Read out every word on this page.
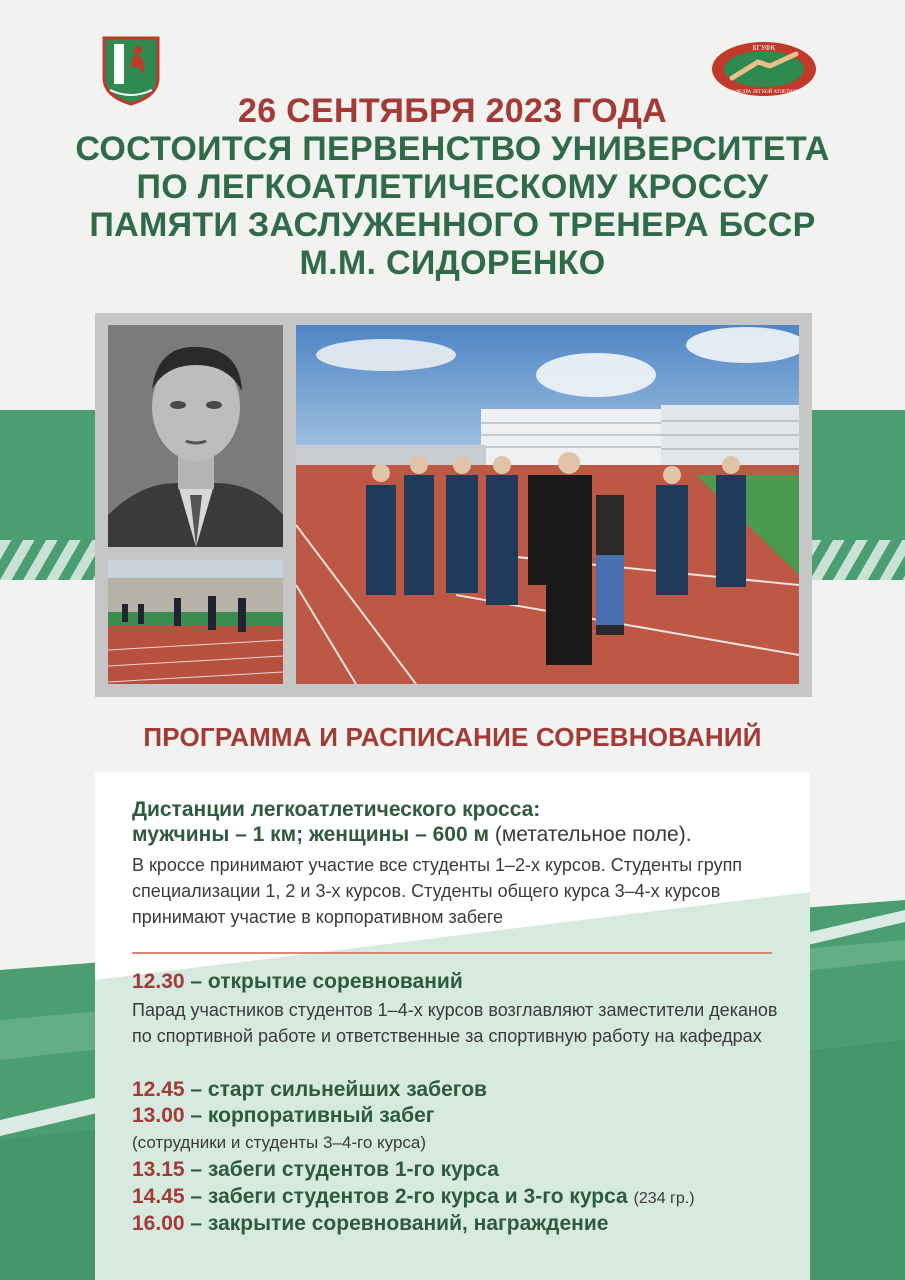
БГУФК
КАФЕДРА ЛЕГКОЙ АТЛЕТИКИ
26 СЕНТЯБРЯ 2023 ГОДА
СОСТОИТСЯ ПЕРВЕНСТВО УНИВЕРСИТЕТА
ПО ЛЕГКОАТЛЕТИЧЕСКОМУ КРОССУ
ПАМЯТИ ЗАСЛУЖЕННОГО ТРЕНЕРА БССР
М.М. СИДОРЕНКО
ПРОГРАММА И РАСПИСАНИЕ СОРЕВНОВАНИЙ
Дистанции легкоатлетического кросса:
мужчины – 1 км; женщины – 600 м (метательное поле).
В кроссе принимают участие все студенты 1–2-х курсов. Студенты групп специализации 1, 2 и 3-х курсов. Студенты общего курса 3–4-х курсов принимают участие в корпоративном забеге
12.30 – открытие соревнований
Парад участников студентов 1–4-х курсов возглавляют заместители деканов по спортивной работе и ответственные за спортивную работу на кафедрах
12.45 – старт сильнейших забегов
13.00 – корпоративный забег
(сотрудники и студенты 3–4-го курса)
13.15 – забеги студентов 1-го курса
14.45 – забеги студентов 2-го курса и 3-го курса (234 гр.)
16.00 – закрытие соревнований, награждение
